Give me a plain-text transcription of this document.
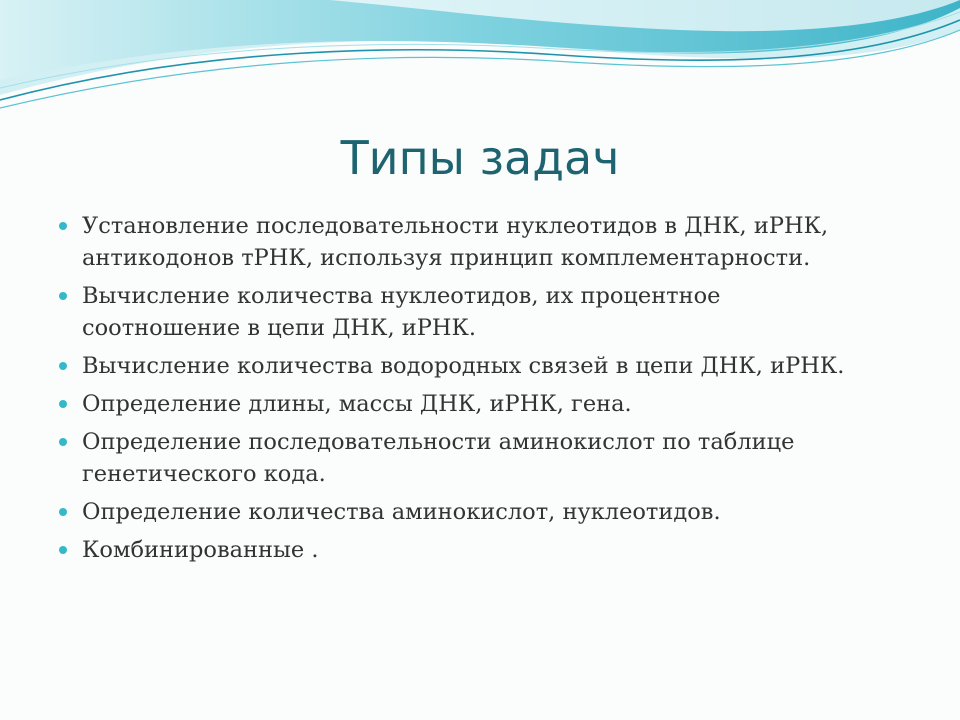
Типы задач
Установление последовательности нуклеотидов в ДНК, иРНК, антикодонов тРНК, используя принцип комплементарности.
Вычисление количества нуклеотидов, их процентное соотношение в цепи ДНК, иРНК.
Вычисление количества водородных связей в цепи ДНК, иРНК.
Определение длины, массы ДНК, иРНК, гена.
Определение последовательности аминокислот по таблице генетического кода.
Определение количества аминокислот, нуклеотидов.
Комбинированные .
